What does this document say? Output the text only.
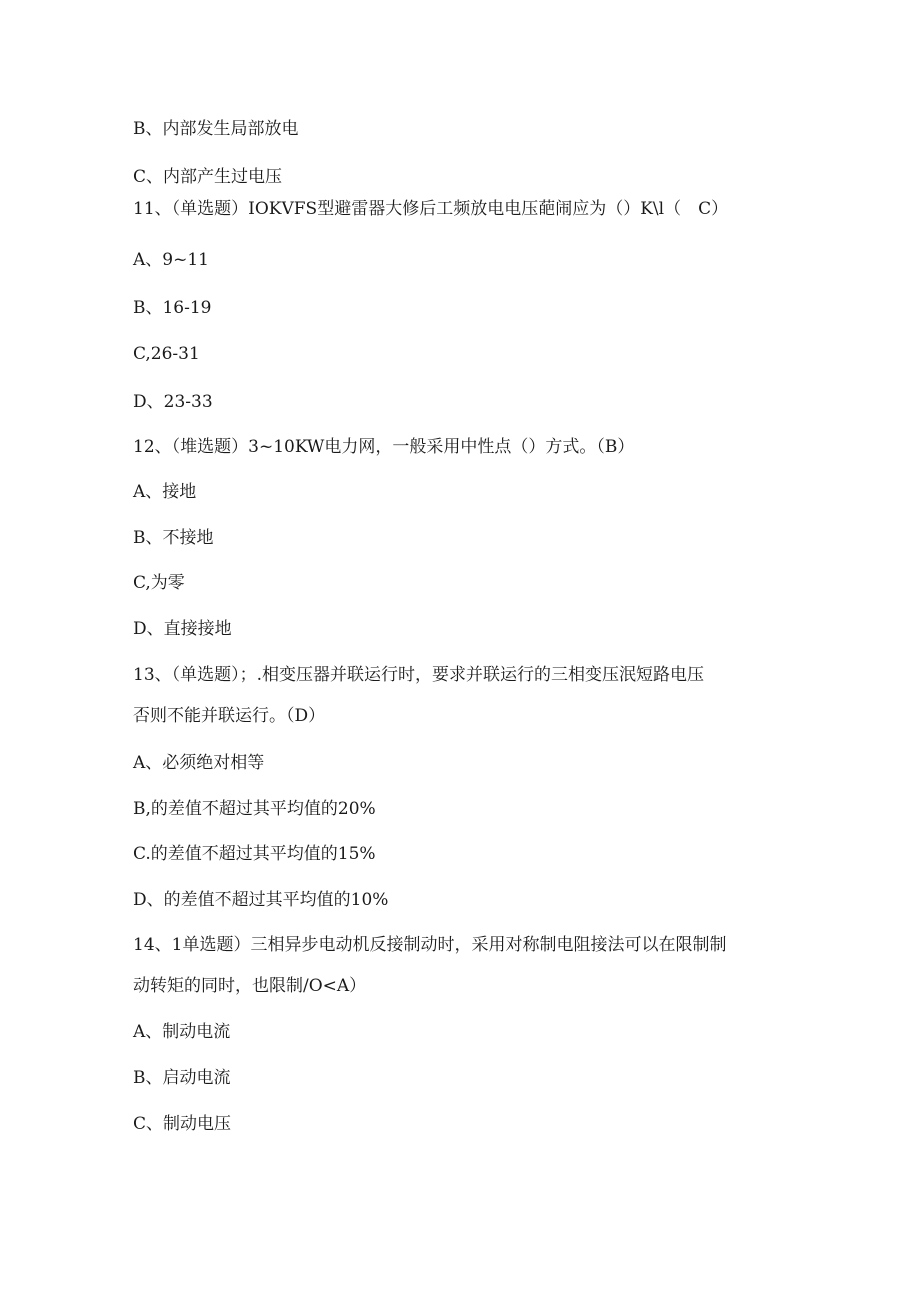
B、内部发生局部放电
C、内部产生过电压
11、（单选题）IOKVFS型避雷器大修后工频放电电压葩闹应为（）K\l（　C）
A、9~11
B、16-19
C,26-31
D、23-33
12、（堆选题）3~10KW电力网，一般采用中性点（）方式。（B）
A、接地
B、不接地
C,为零
D、直接接地
13、（单选题）；.相变压器并联运行时，要求并联运行的三相变压泯短路电压
否则不能并联运行。（D）
A、必须绝对相等
B,的差值不超过其平均值的20%
C.的差值不超过其平均值的15%
D、的差值不超过其平均值的10%
14、1单选题）三相异步电动机反接制动时，采用对称制电阻接法可以在限制制
动转矩的同时，也限制/O<A）
A、制动电流
B、启动电流
C、制动电压
